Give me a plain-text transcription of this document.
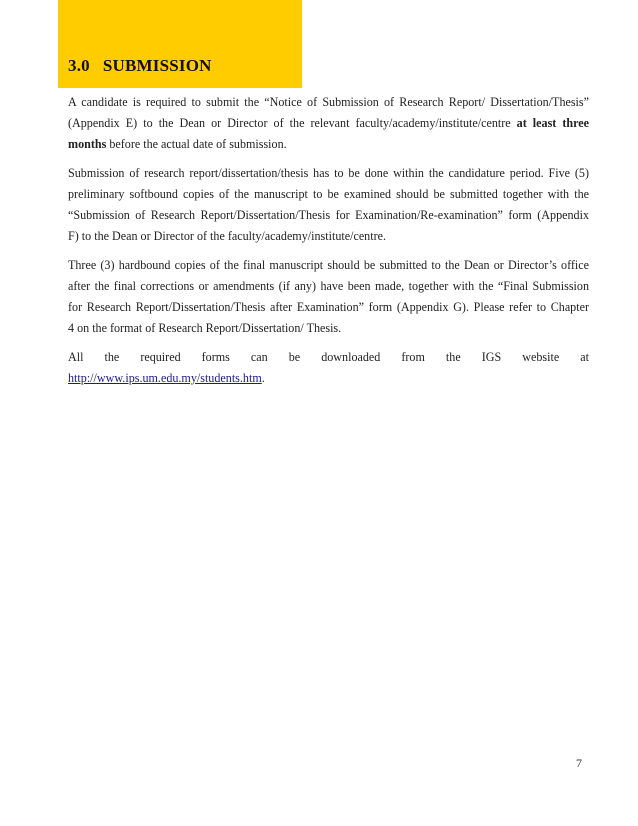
3.0 SUBMISSION

A candidate is required to submit the “Notice of Submission of Research Report/ Dissertation/Thesis”
(Appendix E) to the Dean or Director of the relevant faculty/academy/institute/centre at least three
months before the actual date of submission.

Submission of research report/dissertation/thesis has to be done within the candidature period. Five (5)
preliminary softbound copies of the manuscript to be examined should be submitted together with the
“Submission of Research Report/Dissertation/Thesis for Examination/Re-examination” form (Appendix
F) to the Dean or Director of the faculty/academy/institute/centre.

Three (3) hardbound copies of the final manuscript should be submitted to the Dean or Director’s office
after the final corrections or amendments (if any) have been made, together with the “Final Submission
for Research Report/Dissertation/Thesis after Examination” form (Appendix G). Please refer to Chapter
4 on the format of Research Report/Dissertation/ Thesis.

All the required forms can be downloaded from the IGS website at
http://www.ips.um.edu.my/students.htm.

7
